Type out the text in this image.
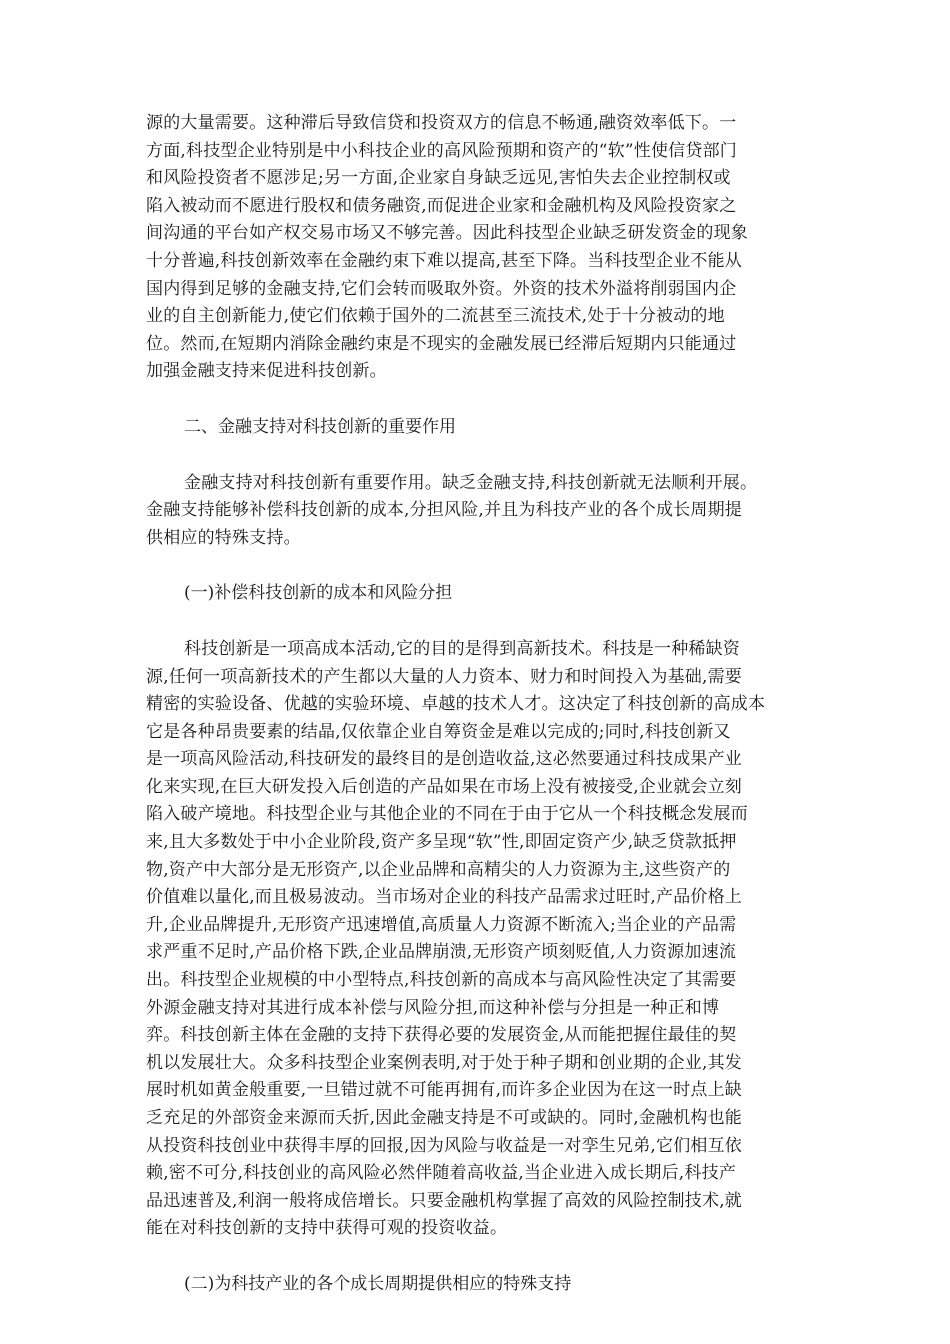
源的大量需要。这种滞后导致信贷和投资双方的信息不畅通,融资效率低下。一
方面,科技型企业特别是中小科技企业的高风险预期和资产的“软”性使信贷部门
和风险投资者不愿涉足;另一方面,企业家自身缺乏远见,害怕失去企业控制权或
陷入被动而不愿进行股权和债务融资,而促进企业家和金融机构及风险投资家之
间沟通的平台如产权交易市场又不够完善。因此科技型企业缺乏研发资金的现象
十分普遍,科技创新效率在金融约束下难以提高,甚至下降。当科技型企业不能从
国内得到足够的金融支持,它们会转而吸取外资。外资的技术外溢将削弱国内企
业的自主创新能力,使它们依赖于国外的二流甚至三流技术,处于十分被动的地
位。然而,在短期内消除金融约束是不现实的金融发展已经滞后短期内只能通过
加强金融支持来促进科技创新。

二、金融支持对科技创新的重要作用

金融支持对科技创新有重要作用。缺乏金融支持,科技创新就无法顺利开展。
金融支持能够补偿科技创新的成本,分担风险,并且为科技产业的各个成长周期提
供相应的特殊支持。

(一)补偿科技创新的成本和风险分担

科技创新是一项高成本活动,它的目的是得到高新技术。科技是一种稀缺资
源,任何一项高新技术的产生都以大量的人力资本、财力和时间投入为基础,需要
精密的实验设备、优越的实验环境、卓越的技术人才。这决定了科技创新的高成本
它是各种昂贵要素的结晶,仅依靠企业自筹资金是难以完成的;同时,科技创新又
是一项高风险活动,科技研发的最终目的是创造收益,这必然要通过科技成果产业
化来实现,在巨大研发投入后创造的产品如果在市场上没有被接受,企业就会立刻
陷入破产境地。科技型企业与其他企业的不同在于由于它从一个科技概念发展而
来,且大多数处于中小企业阶段,资产多呈现“软”性,即固定资产少,缺乏贷款抵押
物,资产中大部分是无形资产,以企业品牌和高精尖的人力资源为主,这些资产的
价值难以量化,而且极易波动。当市场对企业的科技产品需求过旺时,产品价格上
升,企业品牌提升,无形资产迅速增值,高质量人力资源不断流入;当企业的产品需
求严重不足时,产品价格下跌,企业品牌崩溃,无形资产顷刻贬值,人力资源加速流
出。科技型企业规模的中小型特点,科技创新的高成本与高风险性决定了其需要
外源金融支持对其进行成本补偿与风险分担,而这种补偿与分担是一种正和博
弈。科技创新主体在金融的支持下获得必要的发展资金,从而能把握住最佳的契
机以发展壮大。众多科技型企业案例表明,对于处于种子期和创业期的企业,其发
展时机如黄金般重要,一旦错过就不可能再拥有,而许多企业因为在这一时点上缺
乏充足的外部资金来源而夭折,因此金融支持是不可或缺的。同时,金融机构也能
从投资科技创业中获得丰厚的回报,因为风险与收益是一对孪生兄弟,它们相互依
赖,密不可分,科技创业的高风险必然伴随着高收益,当企业进入成长期后,科技产
品迅速普及,利润一般将成倍增长。只要金融机构掌握了高效的风险控制技术,就
能在对科技创新的支持中获得可观的投资收益。

(二)为科技产业的各个成长周期提供相应的特殊支持
